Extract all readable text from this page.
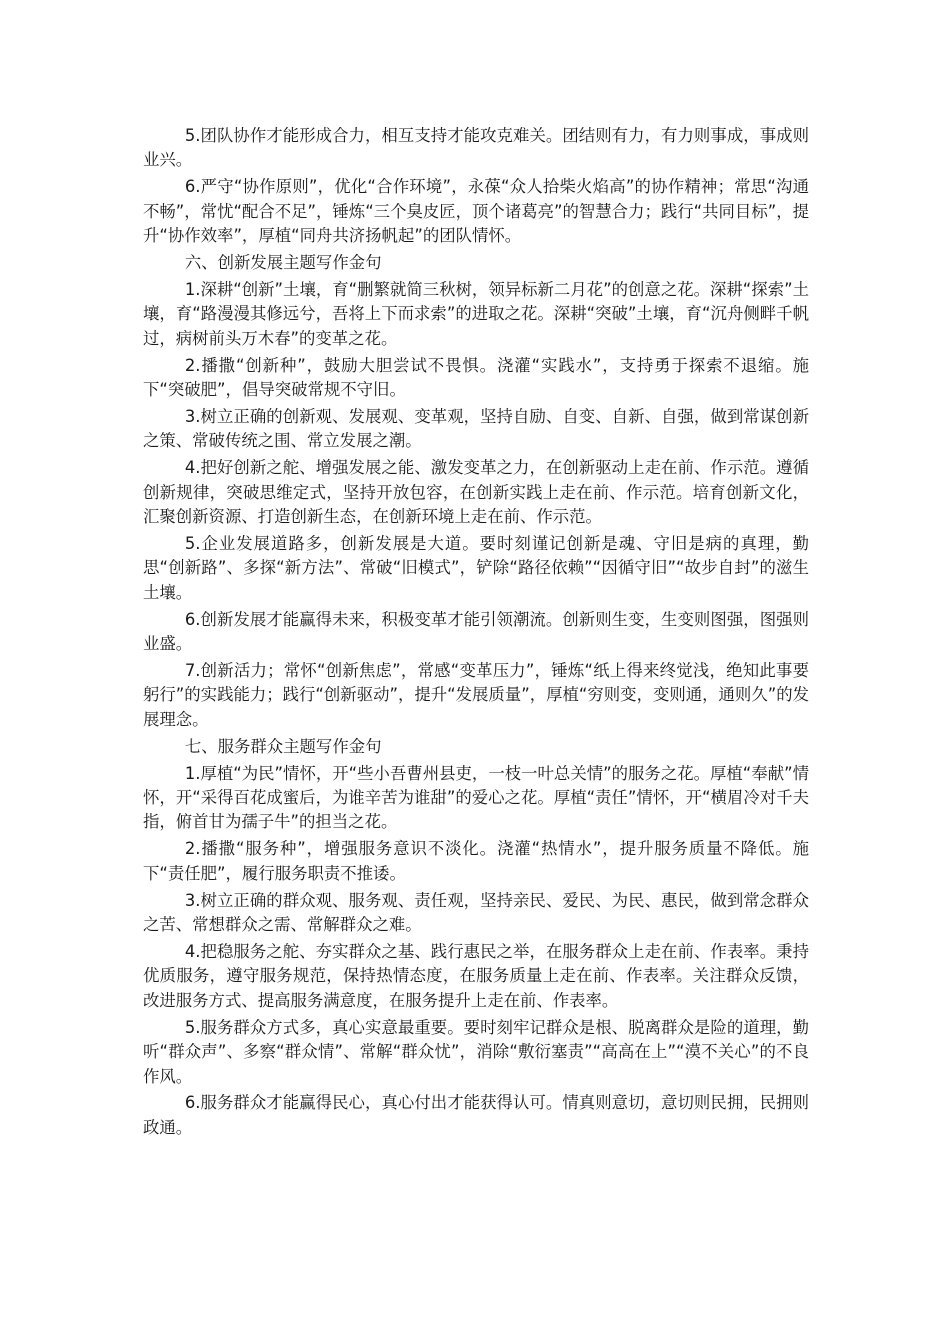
5.团队协作才能形成合力，相互支持才能攻克难关。团结则有力，有力则事成，事成则业兴。

6.严守“协作原则”，优化“合作环境”，永葆“众人拾柴火焰高”的协作精神；常思“沟通不畅”，常忧“配合不足”，锤炼“三个臭皮匠，顶个诸葛亮”的智慧合力；践行“共同目标”，提升“协作效率”，厚植“同舟共济扬帆起”的团队情怀。

六、创新发展主题写作金句

1.深耕“创新”土壤，育“删繁就简三秋树，领异标新二月花”的创意之花。深耕“探索”土壤，育“路漫漫其修远兮，吾将上下而求索”的进取之花。深耕“突破”土壤，育“沉舟侧畔千帆过，病树前头万木春”的变革之花。

2.播撒“创新种”，鼓励大胆尝试不畏惧。浇灌“实践水”，支持勇于探索不退缩。施下“突破肥”，倡导突破常规不守旧。

3.树立正确的创新观、发展观、变革观，坚持自励、自变、自新、自强，做到常谋创新之策、常破传统之围、常立发展之潮。

4.把好创新之舵、增强发展之能、激发变革之力，在创新驱动上走在前、作示范。遵循创新规律，突破思维定式，坚持开放包容，在创新实践上走在前、作示范。培育创新文化，汇聚创新资源、打造创新生态，在创新环境上走在前、作示范。

5.企业发展道路多，创新发展是大道。要时刻谨记创新是魂、守旧是病的真理，勤思“创新路”、多探“新方法”、常破“旧模式”，铲除“路径依赖”“因循守旧”“故步自封”的滋生土壤。

6.创新发展才能赢得未来，积极变革才能引领潮流。创新则生变，生变则图强，图强则业盛。

7.创新活力；常怀“创新焦虑”，常感“变革压力”，锤炼“纸上得来终觉浅，绝知此事要躬行”的实践能力；践行“创新驱动”，提升“发展质量”，厚植“穷则变，变则通，通则久”的发展理念。

七、服务群众主题写作金句

1.厚植“为民”情怀，开“些小吾曹州县吏，一枝一叶总关情”的服务之花。厚植“奉献”情怀，开“采得百花成蜜后，为谁辛苦为谁甜”的爱心之花。厚植“责任”情怀，开“横眉冷对千夫指，俯首甘为孺子牛”的担当之花。

2.播撒“服务种”，增强服务意识不淡化。浇灌“热情水”，提升服务质量不降低。施下“责任肥”，履行服务职责不推诿。

3.树立正确的群众观、服务观、责任观，坚持亲民、爱民、为民、惠民，做到常念群众之苦、常想群众之需、常解群众之难。

4.把稳服务之舵、夯实群众之基、践行惠民之举，在服务群众上走在前、作表率。秉持优质服务，遵守服务规范，保持热情态度，在服务质量上走在前、作表率。关注群众反馈，改进服务方式、提高服务满意度，在服务提升上走在前、作表率。

5.服务群众方式多，真心实意最重要。要时刻牢记群众是根、脱离群众是险的道理，勤听“群众声”、多察“群众情”、常解“群众忧”，消除“敷衍塞责”“高高在上”“漠不关心”的不良作风。

6.服务群众才能赢得民心，真心付出才能获得认可。情真则意切，意切则民拥，民拥则政通。
